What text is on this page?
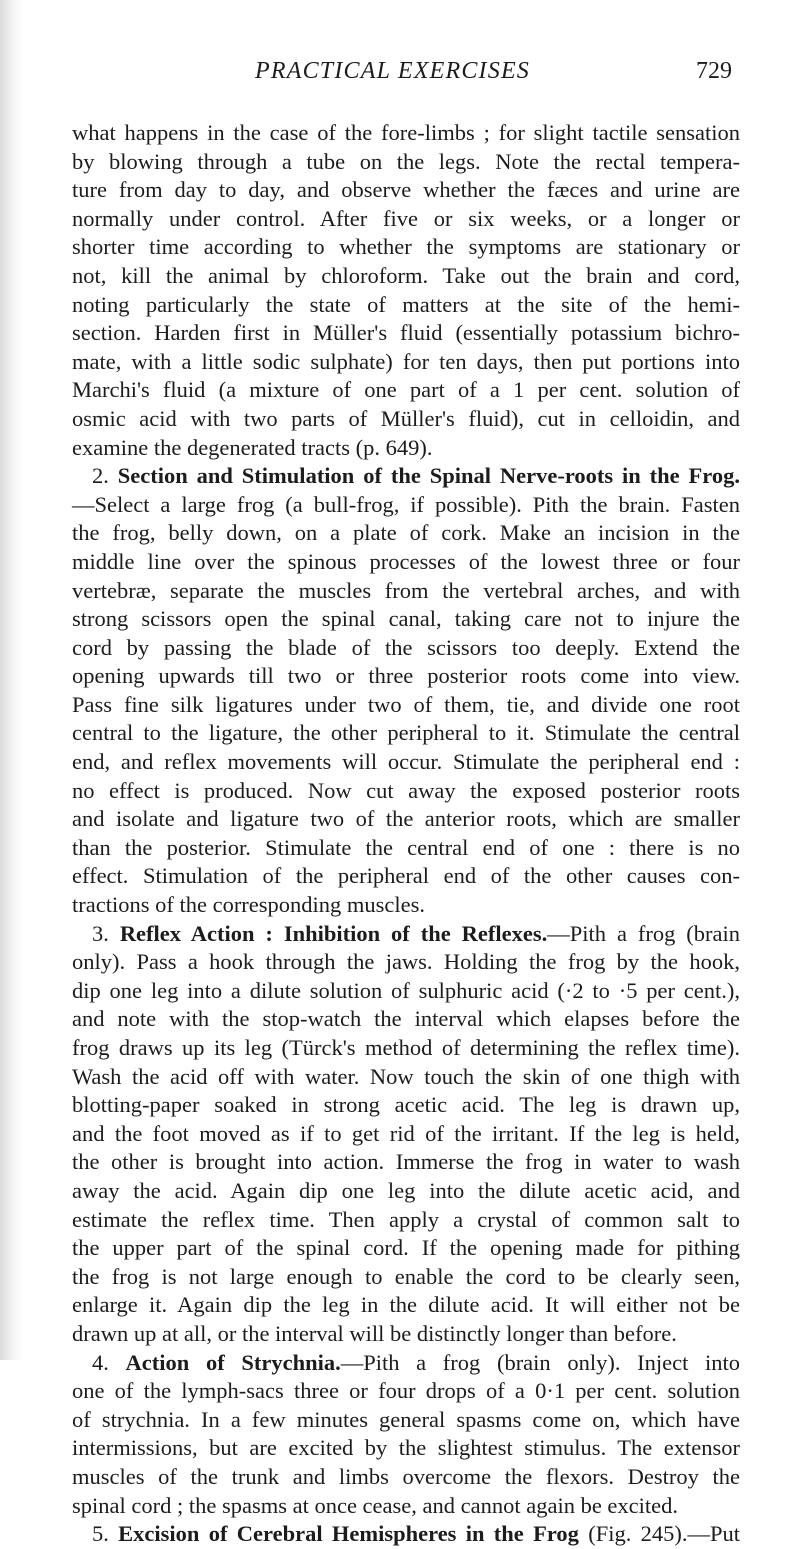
PRACTICAL EXERCISES	729
what happens in the case of the fore-limbs ; for slight tactile sensation
by blowing through a tube on the legs. Note the rectal tempera-
ture from day to day, and observe whether the fæces and urine are
normally under control. After five or six weeks, or a longer or
shorter time according to whether the symptoms are stationary or
not, kill the animal by chloroform. Take out the brain and cord,
noting particularly the state of matters at the site of the hemi-
section. Harden first in Müller's fluid (essentially potassium bichro-
mate, with a little sodic sulphate) for ten days, then put portions into
Marchi's fluid (a mixture of one part of a 1 per cent. solution of
osmic acid with two parts of Müller's fluid), cut in celloidin, and
examine the degenerated tracts (p. 649).
2. Section and Stimulation of the Spinal Nerve-roots in the Frog.
—Select a large frog (a bull-frog, if possible). Pith the brain. Fasten
the frog, belly down, on a plate of cork. Make an incision in the
middle line over the spinous processes of the lowest three or four
vertebræ, separate the muscles from the vertebral arches, and with
strong scissors open the spinal canal, taking care not to injure the
cord by passing the blade of the scissors too deeply. Extend the
opening upwards till two or three posterior roots come into view.
Pass fine silk ligatures under two of them, tie, and divide one root
central to the ligature, the other peripheral to it. Stimulate the central
end, and reflex movements will occur. Stimulate the peripheral end :
no effect is produced. Now cut away the exposed posterior roots
and isolate and ligature two of the anterior roots, which are smaller
than the posterior. Stimulate the central end of one : there is no
effect. Stimulation of the peripheral end of the other causes con-
tractions of the corresponding muscles.
3. Reflex Action : Inhibition of the Reflexes.—Pith a frog (brain
only). Pass a hook through the jaws. Holding the frog by the hook,
dip one leg into a dilute solution of sulphuric acid (·2 to ·5 per cent.),
and note with the stop-watch the interval which elapses before the
frog draws up its leg (Türck's method of determining the reflex time).
Wash the acid off with water. Now touch the skin of one thigh with
blotting-paper soaked in strong acetic acid. The leg is drawn up,
and the foot moved as if to get rid of the irritant. If the leg is held,
the other is brought into action. Immerse the frog in water to wash
away the acid. Again dip one leg into the dilute acetic acid, and
estimate the reflex time. Then apply a crystal of common salt to
the upper part of the spinal cord. If the opening made for pithing
the frog is not large enough to enable the cord to be clearly seen,
enlarge it. Again dip the leg in the dilute acid. It will either not be
drawn up at all, or the interval will be distinctly longer than before.
4. Action of Strychnia.—Pith a frog (brain only). Inject into
one of the lymph-sacs three or four drops of a 0·1 per cent. solution
of strychnia. In a few minutes general spasms come on, which have
intermissions, but are excited by the slightest stimulus. The extensor
muscles of the trunk and limbs overcome the flexors. Destroy the
spinal cord ; the spasms at once cease, and cannot again be excited.
5. Excision of Cerebral Hemispheres in the Frog (Fig. 245).—Put
